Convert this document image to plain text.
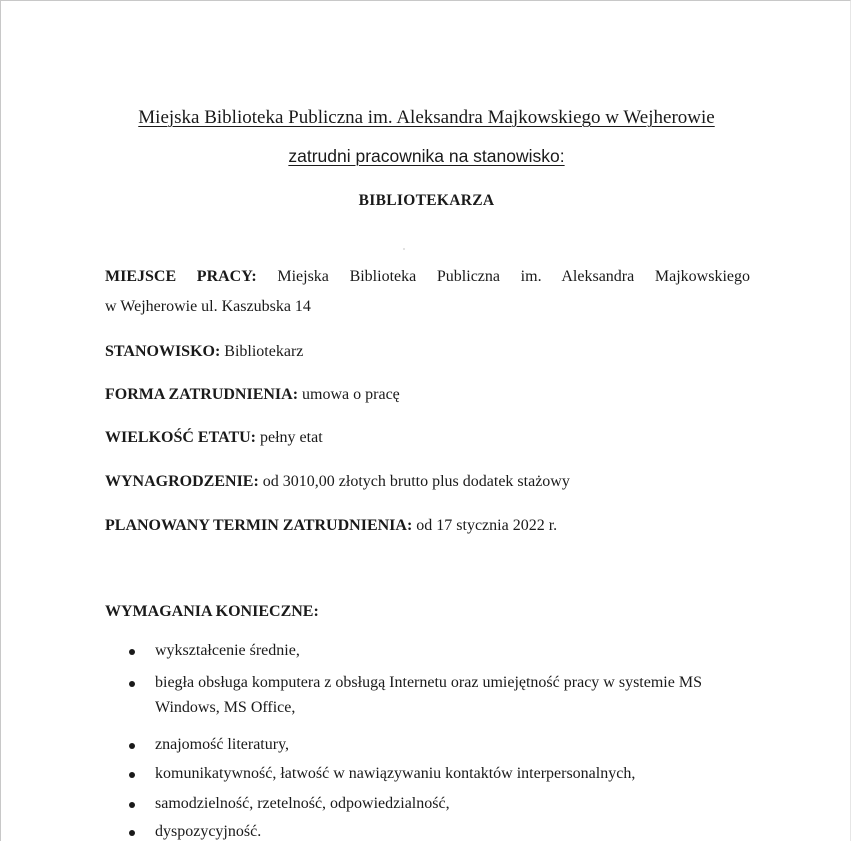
Miejska Biblioteka Publiczna im. Aleksandra Majkowskiego w Wejherowie
zatrudni pracownika na stanowisko:
BIBLIOTEKARZA
MIEJSCE PRACY: Miejska Biblioteka Publiczna im. Aleksandra Majkowskiego
w Wejherowie ul. Kaszubska 14
STANOWISKO: Bibliotekarz
FORMA ZATRUDNIENIA: umowa o pracę
WIELKOŚĆ ETATU: pełny etat
WYNAGRODZENIE: od 3010,00 złotych brutto plus dodatek stażowy
PLANOWANY TERMIN ZATRUDNIENIA: od 17 stycznia 2022 r.
WYMAGANIA KONIECZNE:
wykształcenie średnie,
biegła obsługa komputera z obsługą Internetu oraz umiejętność pracy w systemie MS
Windows, MS Office,
znajomość literatury,
komunikatywność, łatwość w nawiązywaniu kontaktów interpersonalnych,
samodzielność, rzetelność, odpowiedzialność,
dyspozycyjność.
